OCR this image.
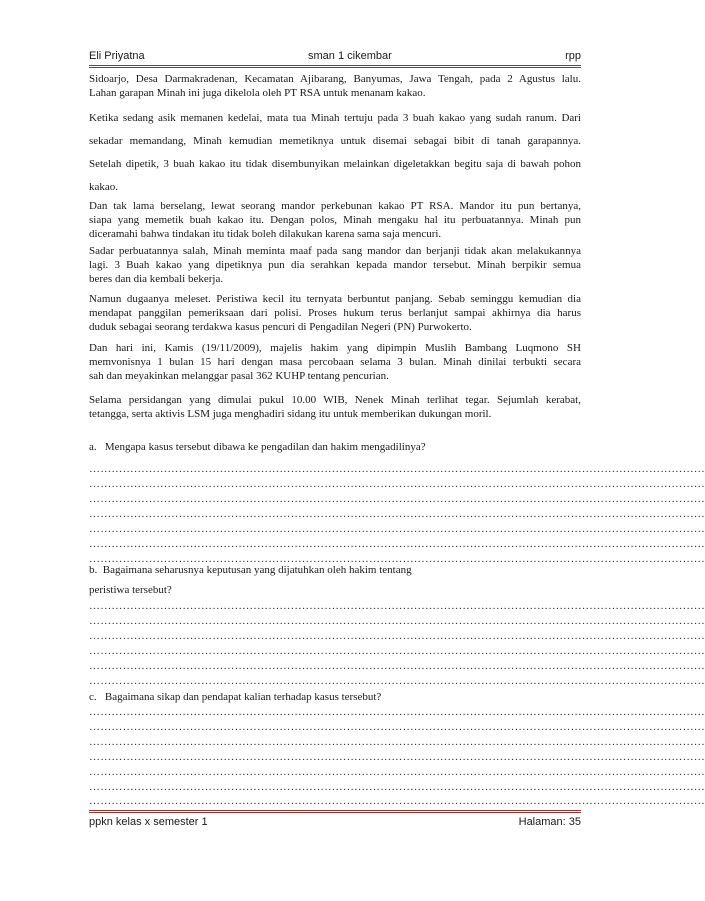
Eli Priyatna	sman 1 cikembar	rpp
Sidoarjo, Desa Darmakradenan, Kecamatan Ajibarang, Banyumas, Jawa Tengah, pada 2 Agustus lalu.
Lahan garapan Minah ini juga dikelola oleh PT RSA untuk menanam kakao.
Ketika sedang asik memanen kedelai, mata tua Minah tertuju pada 3 buah kakao yang sudah ranum. Dari
sekadar memandang, Minah kemudian memetiknya untuk disemai sebagai bibit di tanah garapannya.
Setelah dipetik, 3 buah kakao itu tidak disembunyikan melainkan digeletakkan begitu saja di bawah pohon
kakao.
Dan tak lama berselang, lewat seorang mandor perkebunan kakao PT RSA. Mandor itu pun bertanya,
siapa yang memetik buah kakao itu. Dengan polos, Minah mengaku hal itu perbuatannya. Minah pun
diceramahi bahwa tindakan itu tidak boleh dilakukan karena sama saja mencuri.
Sadar perbuatannya salah, Minah meminta maaf pada sang mandor dan berjanji tidak akan melakukannya
lagi. 3 Buah kakao yang dipetiknya pun dia serahkan kepada mandor tersebut. Minah berpikir semua
beres dan dia kembali bekerja.
Namun dugaanya meleset. Peristiwa kecil itu ternyata berbuntut panjang. Sebab seminggu kemudian dia
mendapat panggilan pemeriksaan dari polisi. Proses hukum terus berlanjut sampai akhirnya dia harus
duduk sebagai seorang terdakwa kasus pencuri di Pengadilan Negeri (PN) Purwokerto.
Dan hari ini, Kamis (19/11/2009), majelis hakim yang dipimpin Muslih Bambang Luqmono SH
memvonisnya 1 bulan 15 hari dengan masa percobaan selama 3 bulan. Minah dinilai terbukti secara
sah dan meyakinkan melanggar pasal 362 KUHP tentang pencurian.
Selama persidangan yang dimulai pukul 10.00 WIB, Nenek Minah terlihat tegar. Sejumlah kerabat,
tetangga, serta aktivis LSM juga menghadiri sidang itu untuk memberikan dukungan moril.
a. Mengapa kasus tersebut dibawa ke pengadilan dan hakim mengadilinya?
…………………………………………………………………………………………………………………………………………………
…………………………………………………………………………………………………………………………………………………
…………………………………………………………………………………………………………………………………………………
…………………………………………………………………………………………………………………………………………………
…………………………………………………………………………………………………………………………………………………
…………………………………………………………………………………………………………………………………………………
…………………………………………………………………………………………………………………………………………………
b. Bagaimana seharusnya keputusan yang dijatuhkan oleh hakim tentang
peristiwa tersebut?
…………………………………………………………………………………………………………………………………………………
…………………………………………………………………………………………………………………………………………………
…………………………………………………………………………………………………………………………………………………
…………………………………………………………………………………………………………………………………………………
…………………………………………………………………………………………………………………………………………………
…………………………………………………………………………………………………………………………………………………
c. Bagaimana sikap dan pendapat kalian terhadap kasus tersebut?
…………………………………………………………………………………………………………………………………………………
…………………………………………………………………………………………………………………………………………………
…………………………………………………………………………………………………………………………………………………
…………………………………………………………………………………………………………………………………………………
…………………………………………………………………………………………………………………………………………………
…………………………………………………………………………………………………………………………………………………
…………………………………………………………………………………………………………………………………………………
ppkn kelas x semester 1	Halaman: 35
